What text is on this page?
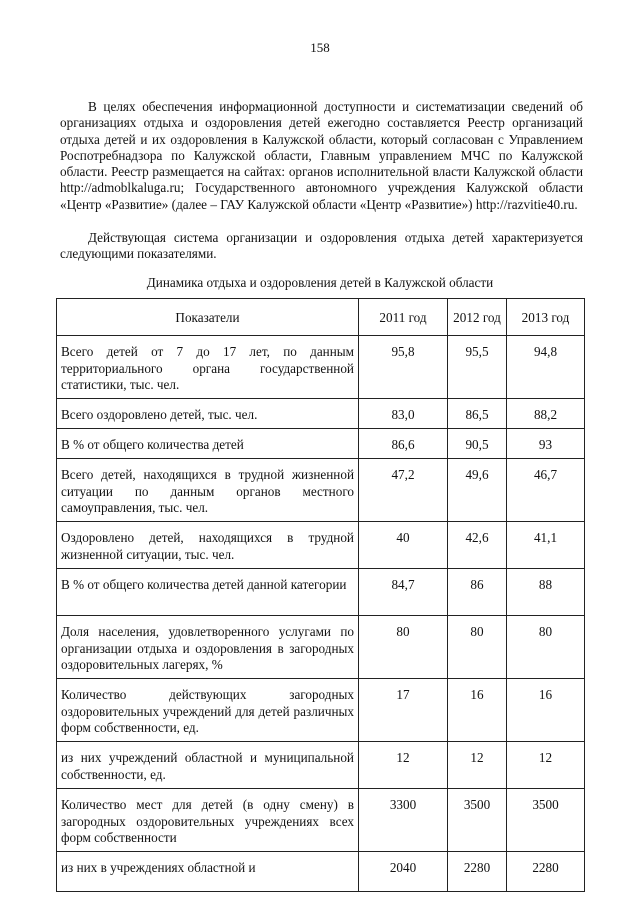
158

В целях обеспечения информационной доступности и систематизации сведений об организациях отдыха и оздоровления детей ежегодно составляется Реестр организаций отдыха детей и их оздоровления в Калужской области, который согласован с Управлением Роспотребнадзора по Калужской области, Главным управлением МЧС по Калужской области. Реестр размещается на сайтах: органов исполнительной власти Калужской области http://admoblkaluga.ru; Государственного автономного учреждения Калужской области «Центр «Развитие» (далее – ГАУ Калужской области «Центр «Развитие») http://razvitie40.ru.

Действующая система организации и оздоровления отдыха детей характеризуется следующими показателями.

Динамика отдыха и оздоровления детей в Калужской области
Показатели	2011 год	2012 год	2013 год
Всего детей от 7 до 17 лет, по данным территориального органа государственной статистики, тыс. чел.	95,8	95,5	94,8
Всего оздоровлено детей, тыс. чел.	83,0	86,5	88,2
В % от общего количества детей	86,6	90,5	93
Всего детей, находящихся в трудной жизненной ситуации по данным органов местного самоуправления, тыс. чел.	47,2	49,6	46,7
Оздоровлено детей, находящихся в трудной жизненной ситуации, тыс. чел.	40	42,6	41,1
В % от общего количества детей данной категории	84,7	86	88
Доля населения, удовлетворенного услугами по организации отдыха и оздоровления в загородных оздоровительных лагерях, %	80	80	80
Количество действующих загородных оздоровительных учреждений для детей различных форм собственности, ед.	17	16	16
из них учреждений областной и муниципальной собственности, ед.	12	12	12
Количество мест для детей (в одну смену) в загородных оздоровительных учреждениях всех форм собственности	3300	3500	3500
из них в учреждениях областной и	2040	2280	2280
